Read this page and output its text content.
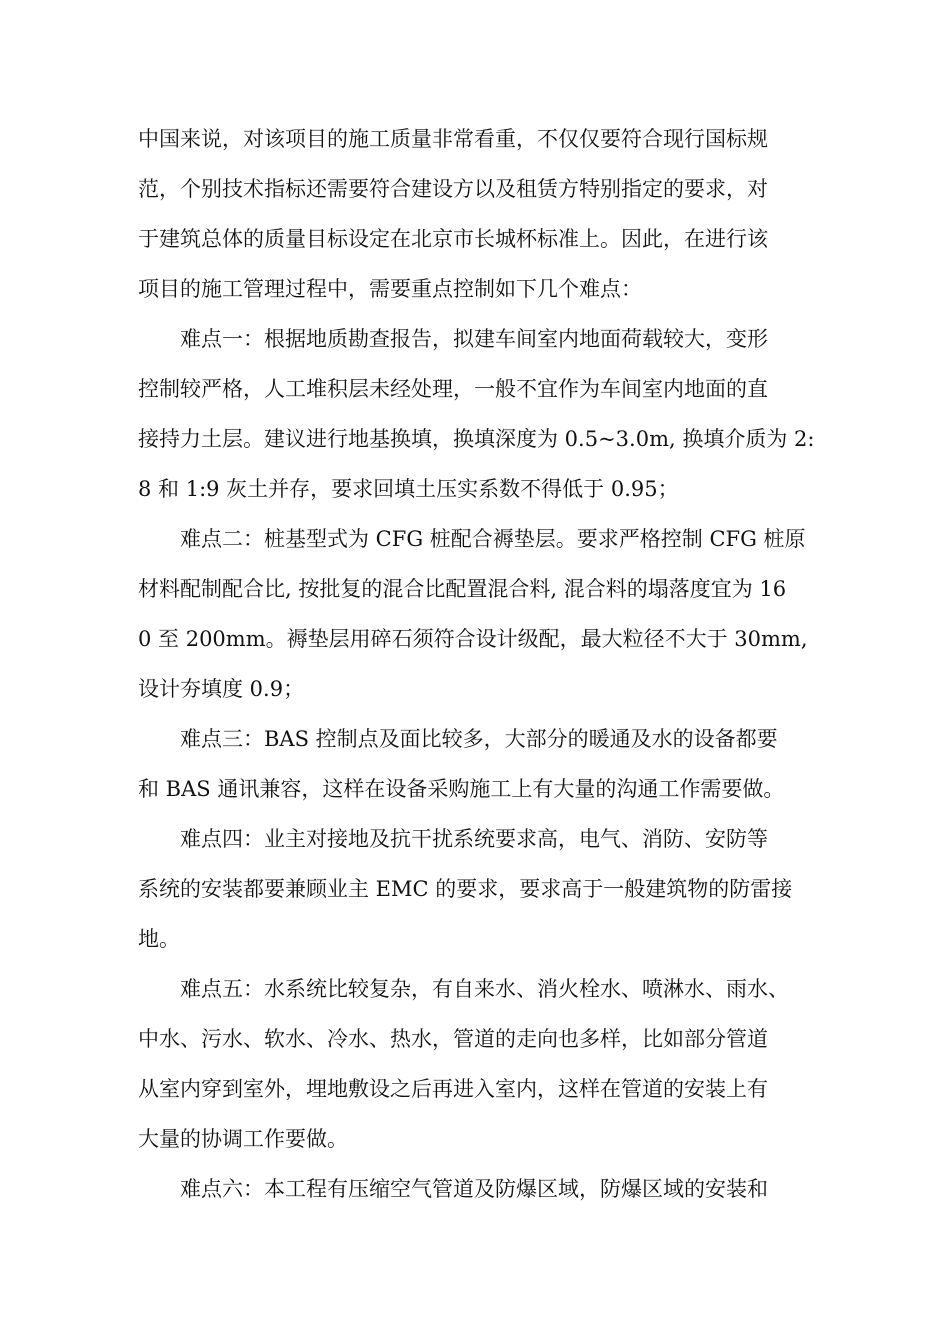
中国来说，对该项目的施工质量非常看重，不仅仅要符合现行国标规
范，个别技术指标还需要符合建设方以及租赁方特别指定的要求，对
于建筑总体的质量目标设定在北京市长城杯标准上。因此，在进行该
项目的施工管理过程中，需要重点控制如下几个难点：
　　难点一：根据地质勘查报告，拟建车间室内地面荷载较大，变形
控制较严格，人工堆积层未经处理，一般不宜作为车间室内地面的直
接持力土层。建议进行地基换填，换填深度为 0.5~3.0m, 换填介质为 2:
8 和 1:9 灰土并存，要求回填土压实系数不得低于 0.95；
　　难点二：桩基型式为 CFG 桩配合褥垫层。要求严格控制 CFG 桩原
材料配制配合比, 按批复的混合比配置混合料, 混合料的塌落度宜为 16
0 至 200mm。褥垫层用碎石须符合设计级配，最大粒径不大于 30mm,
设计夯填度 0.9；
　　难点三：BAS 控制点及面比较多，大部分的暖通及水的设备都要
和 BAS 通讯兼容，这样在设备采购施工上有大量的沟通工作需要做。
　　难点四：业主对接地及抗干扰系统要求高，电气、消防、安防等
系统的安装都要兼顾业主 EMC 的要求，要求高于一般建筑物的防雷接
地。
　　难点五：水系统比较复杂，有自来水、消火栓水、喷淋水、雨水、
中水、污水、软水、冷水、热水，管道的走向也多样，比如部分管道
从室内穿到室外，埋地敷设之后再进入室内，这样在管道的安装上有
大量的协调工作要做。
　　难点六：本工程有压缩空气管道及防爆区域，防爆区域的安装和
